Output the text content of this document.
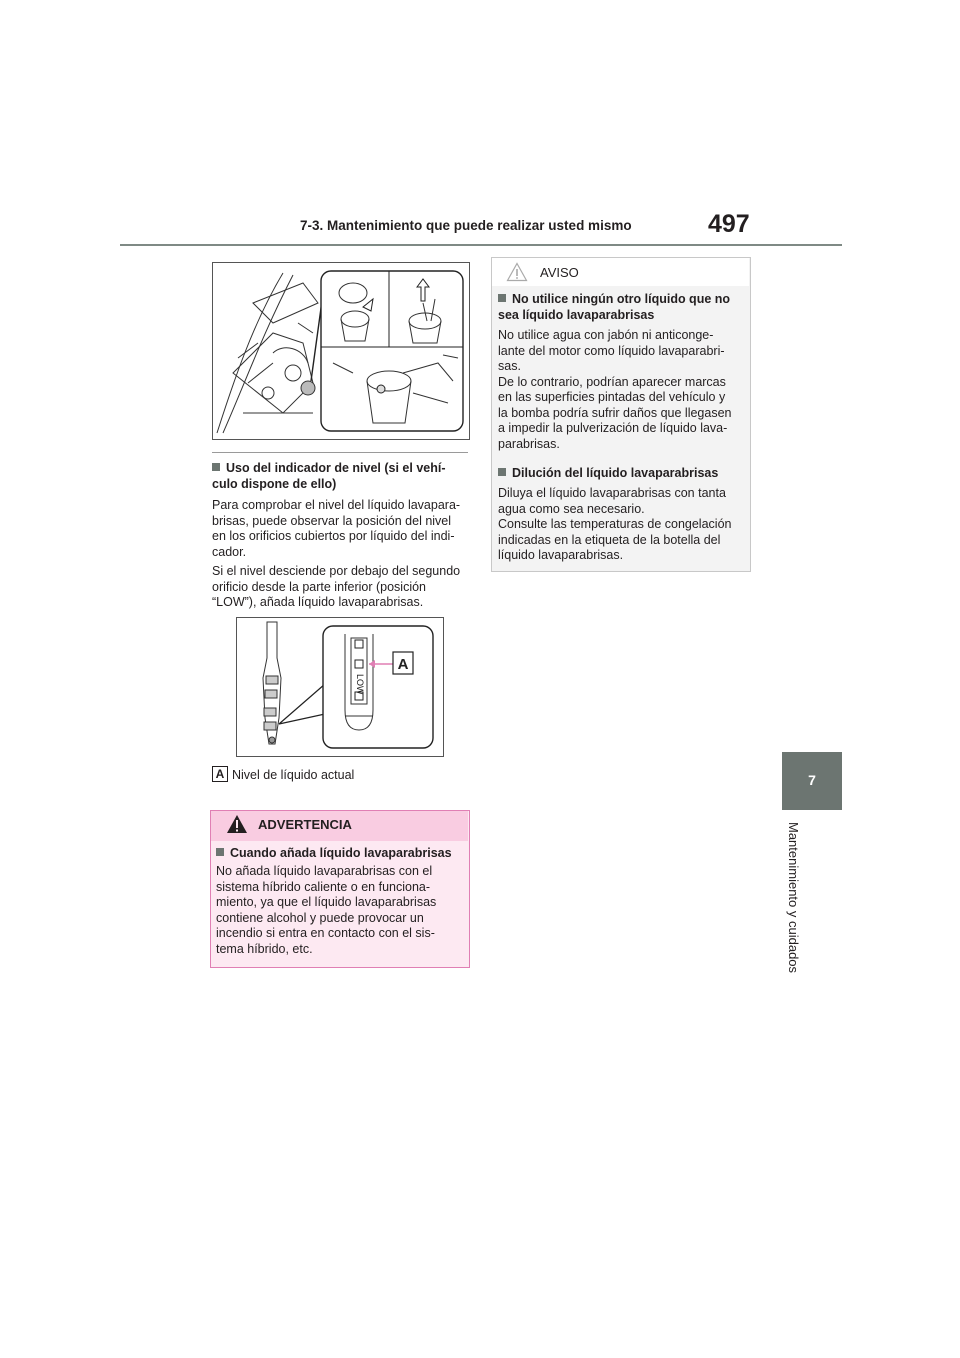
7-3. Mantenimiento que puede realizar usted mismo	497
7
Mantenimiento y cuidados
Uso del indicador de nivel (si el vehí-
culo dispone de ello)
Para comprobar el nivel del líquido lavapara-
brisas, puede observar la posición del nivel
en los orificios cubiertos por líquido del indi-
cador.
Si el nivel desciende por debajo del segundo
orificio desde la parte inferior (posición
“LOW”), añada líquido lavaparabrisas.
A
LOW
A Nivel de líquido actual
ADVERTENCIA
Cuando añada líquido lavaparabrisas
No añada líquido lavaparabrisas con el
sistema híbrido caliente o en funciona-
miento, ya que el líquido lavaparabrisas
contiene alcohol y puede provocar un
incendio si entra en contacto con el sis-
tema híbrido, etc.
AVISO
No utilice ningún otro líquido que no
sea líquido lavaparabrisas
No utilice agua con jabón ni anticonge-
lante del motor como líquido lavaparabri-
sas.
De lo contrario, podrían aparecer marcas
en las superficies pintadas del vehículo y
la bomba podría sufrir daños que llegasen
a impedir la pulverización de líquido lava-
parabrisas.
Dilución del líquido lavaparabrisas
Diluya el líquido lavaparabrisas con tanta
agua como sea necesario.
Consulte las temperaturas de congelación
indicadas en la etiqueta de la botella del
líquido lavaparabrisas.
